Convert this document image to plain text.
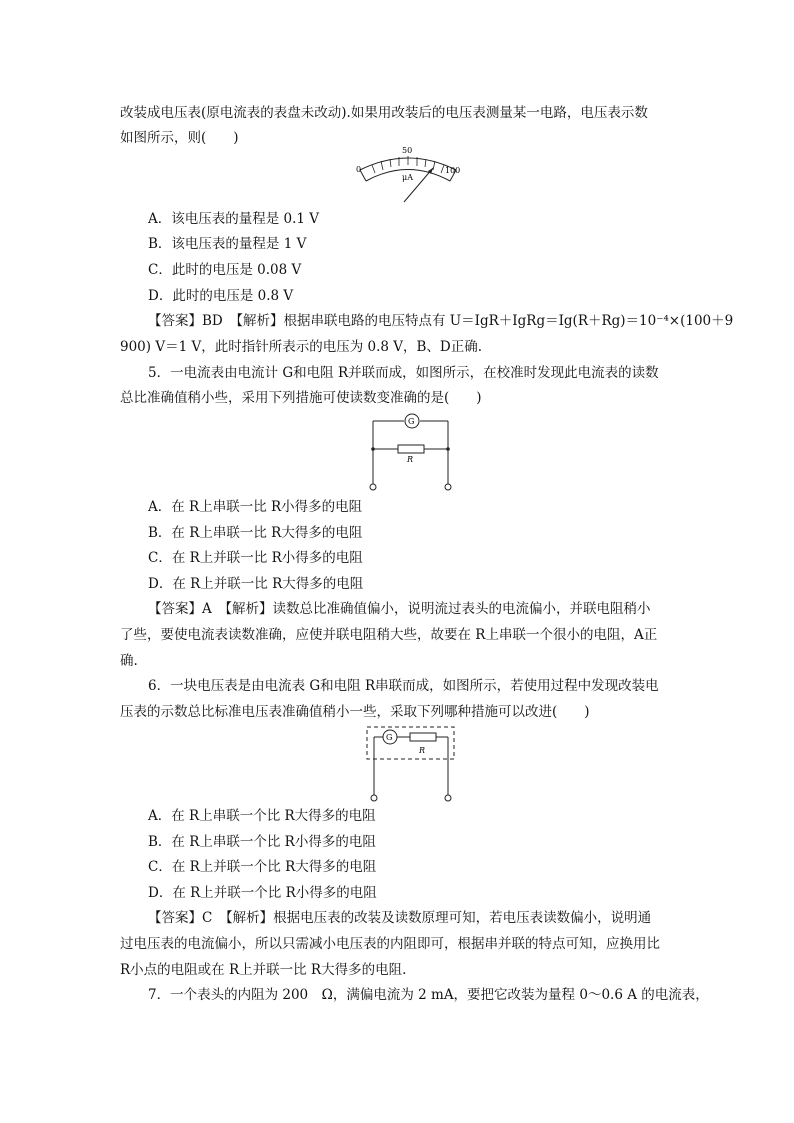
改装成电压表(原电流表的表盘未改动).如果用改装后的电压表测量某一电路，电压表示数
如图所示，则(　　)
0
50
100
μA
A．该电压表的量程是 0.1 V
B．该电压表的量程是 1 V
C．此时的电压是 0.08 V
D．此时的电压是 0.8 V
【答案】BD　【解析】根据串联电路的电压特点有 U＝IgR＋IgRg＝Ig(R＋Rg)＝10⁻⁴×(100＋9
900) V＝1 V，此时指针所表示的电压为 0.8 V，B、D正确.
5．一电流表由电流计 G和电阻 R并联而成，如图所示，在校准时发现此电流表的读数
总比准确值稍小些，采用下列措施可使读数变准确的是(　　)
G
R
A．在 R上串联一比 R小得多的电阻
B．在 R上串联一比 R大得多的电阻
C．在 R上并联一比 R小得多的电阻
D．在 R上并联一比 R大得多的电阻
【答案】A　【解析】读数总比准确值偏小，说明流过表头的电流偏小，并联电阻稍小
了些，要使电流表读数准确，应使并联电阻稍大些，故要在 R上串联一个很小的电阻，A正
确.
6．一块电压表是由电流表 G和电阻 R串联而成，如图所示，若使用过程中发现改装电
压表的示数总比标准电压表准确值稍小一些，采取下列哪种措施可以改进(　　)
G
R
A．在 R上串联一个比 R大得多的电阻
B．在 R上串联一个比 R小得多的电阻
C．在 R上并联一个比 R大得多的电阻
D．在 R上并联一个比 R小得多的电阻
【答案】C　【解析】根据电压表的改装及读数原理可知，若电压表读数偏小，说明通
过电压表的电流偏小，所以只需减小电压表的内阻即可，根据串并联的特点可知，应换用比
R小点的电阻或在 R上并联一比 R大得多的电阻.
7．一个表头的内阻为 200　Ω，满偏电流为 2 mA，要把它改装为量程 0～0.6 A 的电流表，
